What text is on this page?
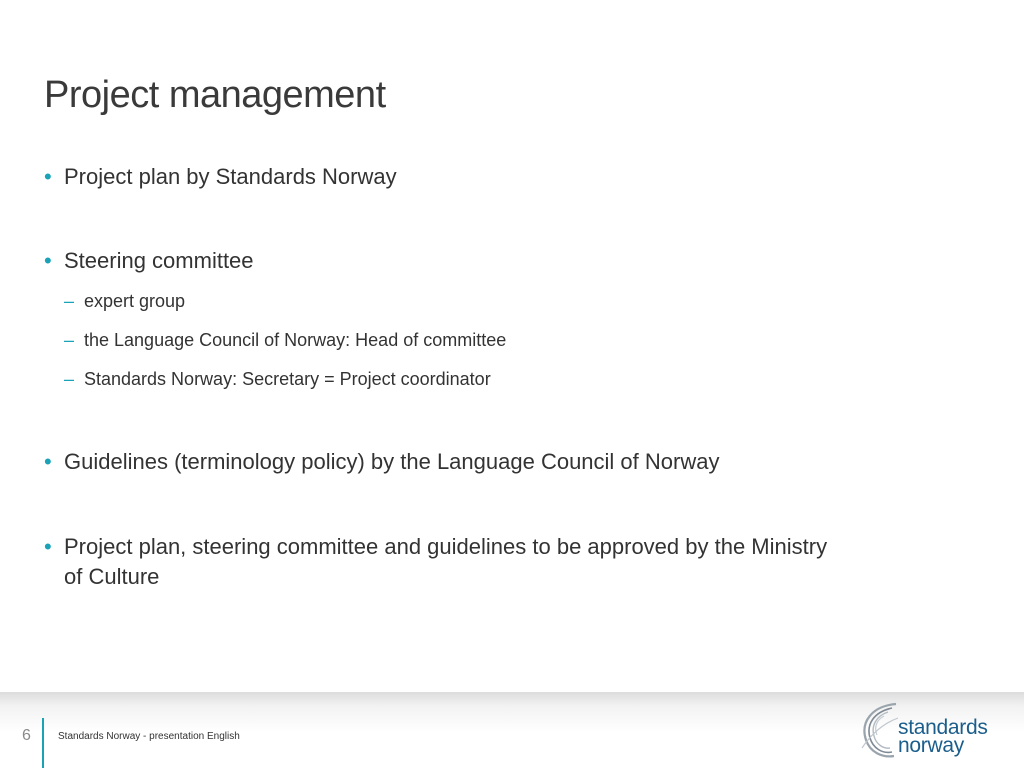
Project management
• Project plan by Standards Norway
• Steering committee
– expert group
– the Language Council of Norway: Head of committee
– Standards Norway: Secretary = Project coordinator
• Guidelines (terminology policy) by the Language Council of Norway
• Project plan, steering committee and guidelines to be approved by the Ministry of Culture
6	Standards Norway - presentation English	standards
norway
